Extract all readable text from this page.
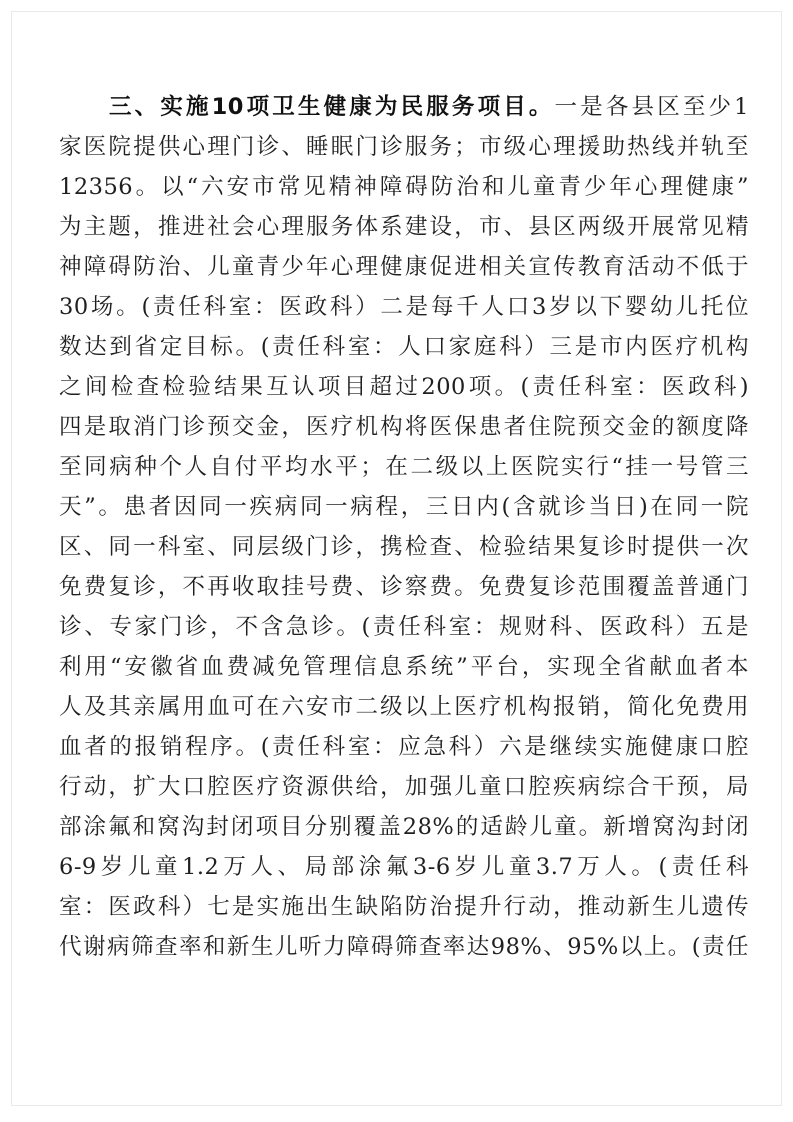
三、实施10项卫生健康为民服务项目。一是各县区至少1
家医院提供心理门诊、睡眠门诊服务；市级心理援助热线并轨至
12356。以“六安市常见精神障碍防治和儿童青少年心理健康”
为主题，推进社会心理服务体系建设，市、县区两级开展常见精
神障碍防治、儿童青少年心理健康促进相关宣传教育活动不低于
30场。(责任科室：医政科）二是每千人口3岁以下婴幼儿托位
数达到省定目标。(责任科室：人口家庭科）三是市内医疗机构
之间检查检验结果互认项目超过200项。(责任科室：医政科)
四是取消门诊预交金，医疗机构将医保患者住院预交金的额度降
至同病种个人自付平均水平；在二级以上医院实行“挂一号管三
天”。患者因同一疾病同一病程，三日内(含就诊当日)在同一院
区、同一科室、同层级门诊，携检查、检验结果复诊时提供一次
免费复诊，不再收取挂号费、诊察费。免费复诊范围覆盖普通门
诊、专家门诊，不含急诊。(责任科室：规财科、医政科）五是
利用“安徽省血费减免管理信息系统”平台，实现全省献血者本
人及其亲属用血可在六安市二级以上医疗机构报销，简化免费用
血者的报销程序。(责任科室：应急科）六是继续实施健康口腔
行动，扩大口腔医疗资源供给，加强儿童口腔疾病综合干预，局
部涂氟和窝沟封闭项目分别覆盖28%的适龄儿童。新增窝沟封闭
6-9岁儿童1.2万人、局部涂氟3-6岁儿童3.7万人。(责任科
室：医政科）七是实施出生缺陷防治提升行动，推动新生儿遗传
代谢病筛查率和新生儿听力障碍筛查率达98%、95%以上。(责任
